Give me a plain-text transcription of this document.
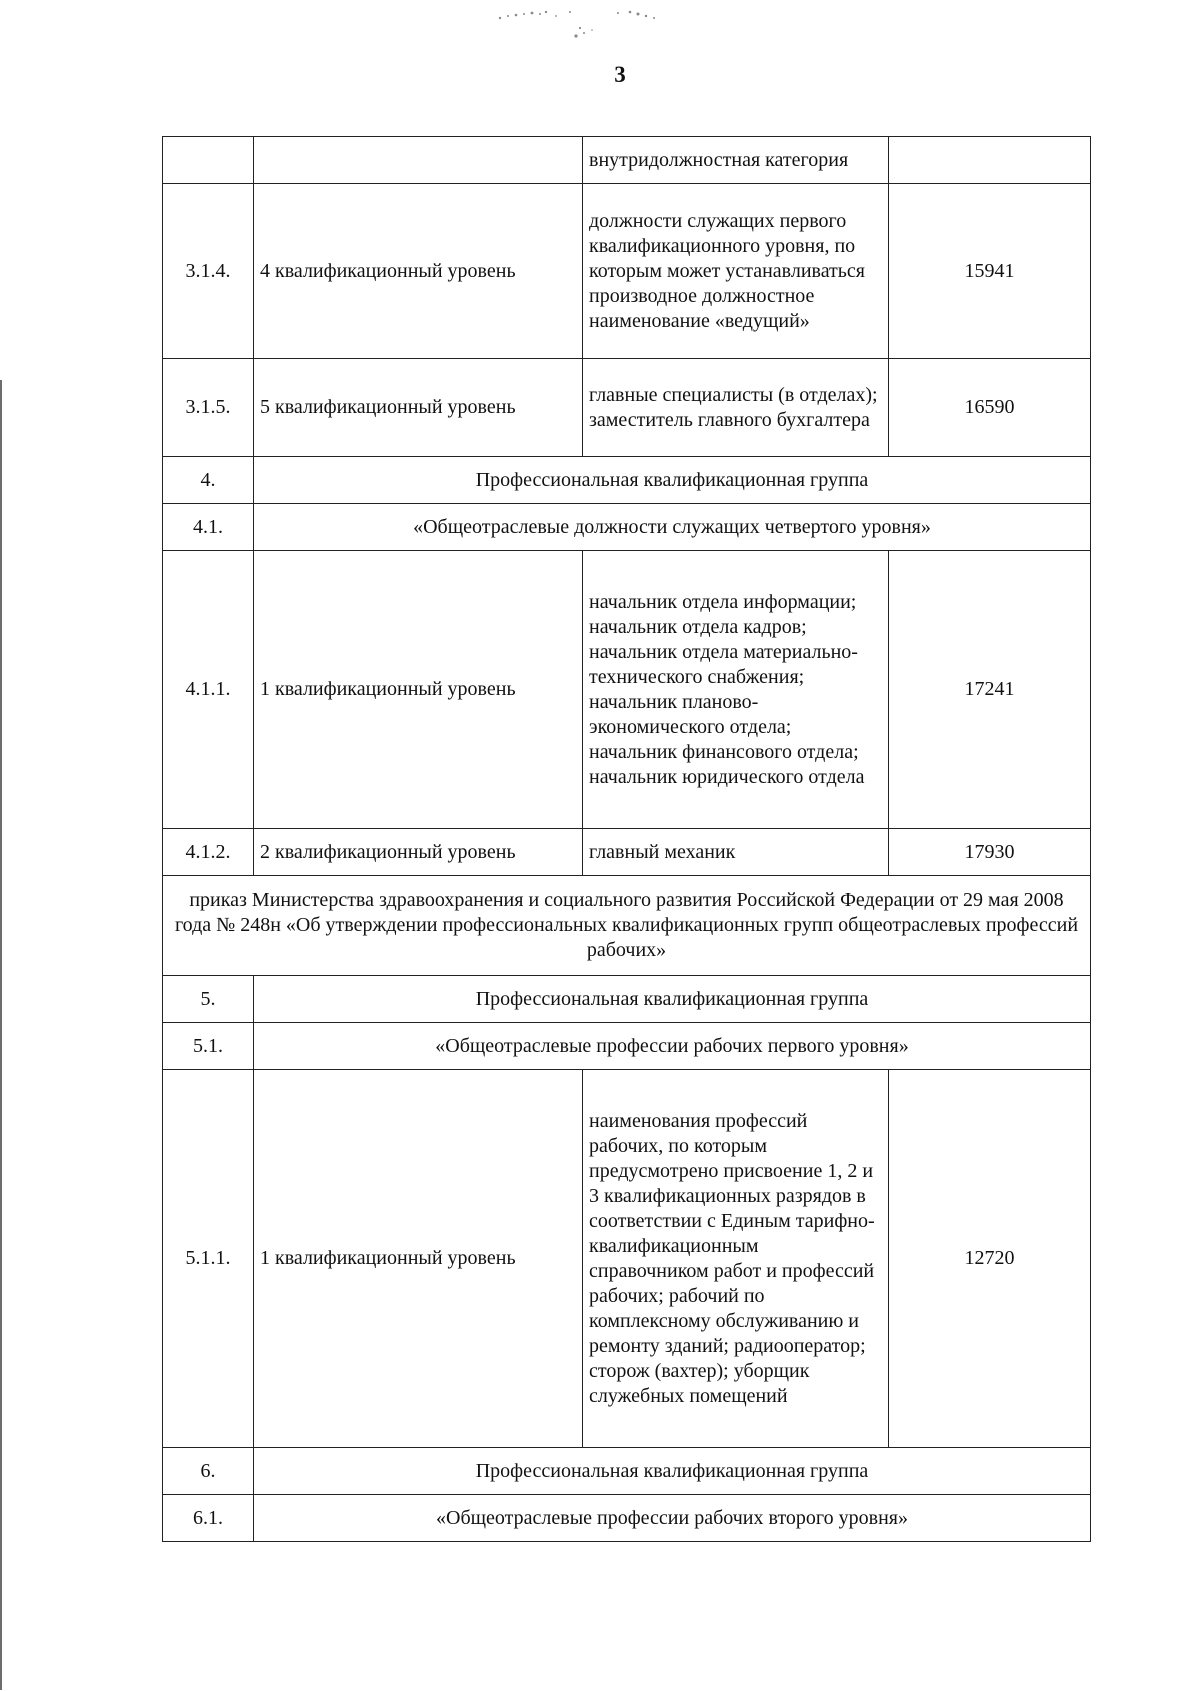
3
		внутридолжностная категория	
3.1.4.	4 квалификационный уровень	должности служащих первого квалификационного уровня, по которым может устанавливаться производное должностное наименование «ведущий»	15941
3.1.5.	5 квалификационный уровень	главные специалисты (в отделах); заместитель главного бухгалтера	16590
4.	Профессиональная квалификационная группа		
4.1.	«Общеотраслевые должности служащих четвертого уровня»		
4.1.1.	1 квалификационный уровень	начальник отдела информации; начальник отдела кадров; начальник отдела материально-технического снабжения; начальник планово-экономического отдела; начальник финансового отдела; начальник юридического отдела	17241
4.1.2.	2 квалификационный уровень	главный механик	17930
приказ Министерства здравоохранения и социального развития Российской Федерации от 29 мая 2008 года № 248н «Об утверждении профессиональных квалификационных групп общеотраслевых профессий рабочих»			
5.	Профессиональная квалификационная группа		
5.1.	«Общеотраслевые профессии рабочих первого уровня»		
5.1.1.	1 квалификационный уровень	наименования профессий рабочих, по которым предусмотрено присвоение 1, 2 и 3 квалификационных разрядов в соответствии с Единым тарифно-квалификационным справочником работ и профессий рабочих; рабочий по комплексному обслуживанию и ремонту зданий; радиооператор; сторож (вахтер); уборщик служебных помещений	12720
6.	Профессиональная квалификационная группа		
6.1.	«Общеотраслевые профессии рабочих второго уровня»		
